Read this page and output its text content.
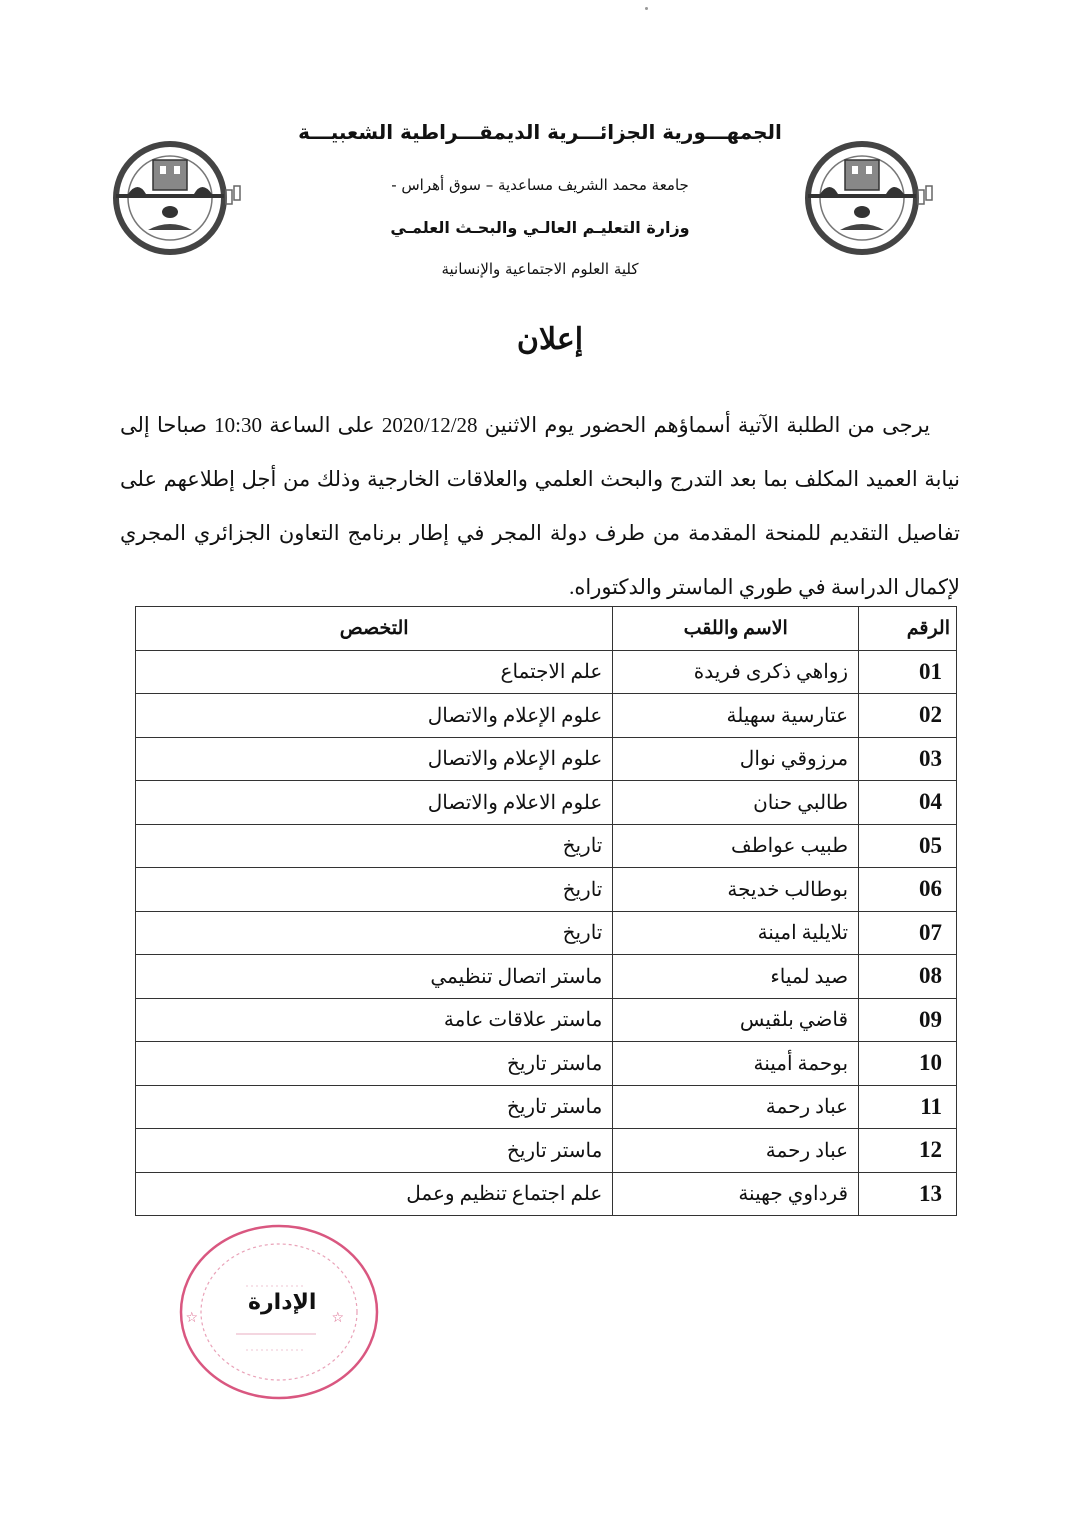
الجمهـــورية الجزائـــرية الديمقـــراطية الشعبيـــة
جامعة محمد الشريف مساعدية – سوق أهراس -
وزارة التعليـم العالـي والبحـث العلمـي
كلية العلوم الاجتماعية والإنسانية
إعلان

يرجى من الطلبة الآتية أسماؤهم الحضور يوم الاثنين 2020/12/28 على الساعة 10:30 صباحا إلى نيابة العميد المكلف بما بعد التدرج والبحث العلمي والعلاقات الخارجية وذلك من أجل إطلاعهم على تفاصيل التقديم للمنحة المقدمة من طرف دولة المجر في إطار برنامج التعاون الجزائري المجري لإكمال الدراسة في طوري الماستر والدكتوراه.

الرقم	الاسم واللقب	التخصص
01	زواهي ذكرى فريدة	علم الاجتماع
02	عتارسية سهيلة	علوم الإعلام والاتصال
03	مرزوقي نوال	علوم الإعلام والاتصال
04	طالبي حنان	علوم الاعلام والاتصال
05	طبيب عواطف	تاريخ
06	بوطالب خديجة	تاريخ
07	تلايلية امينة	تاريخ
08	صيد لمياء	ماستر اتصال تنظيمي
09	قاضي بلقيس	ماستر علاقات عامة
10	بوحمة أمينة	ماستر تاريخ
11	عباد رحمة	ماستر تاريخ
12	عباد رحمة	ماستر تاريخ
13	قرداوي جهينة	علم اجتماع تنظيم وعمل
☆	☆
الإدارة
